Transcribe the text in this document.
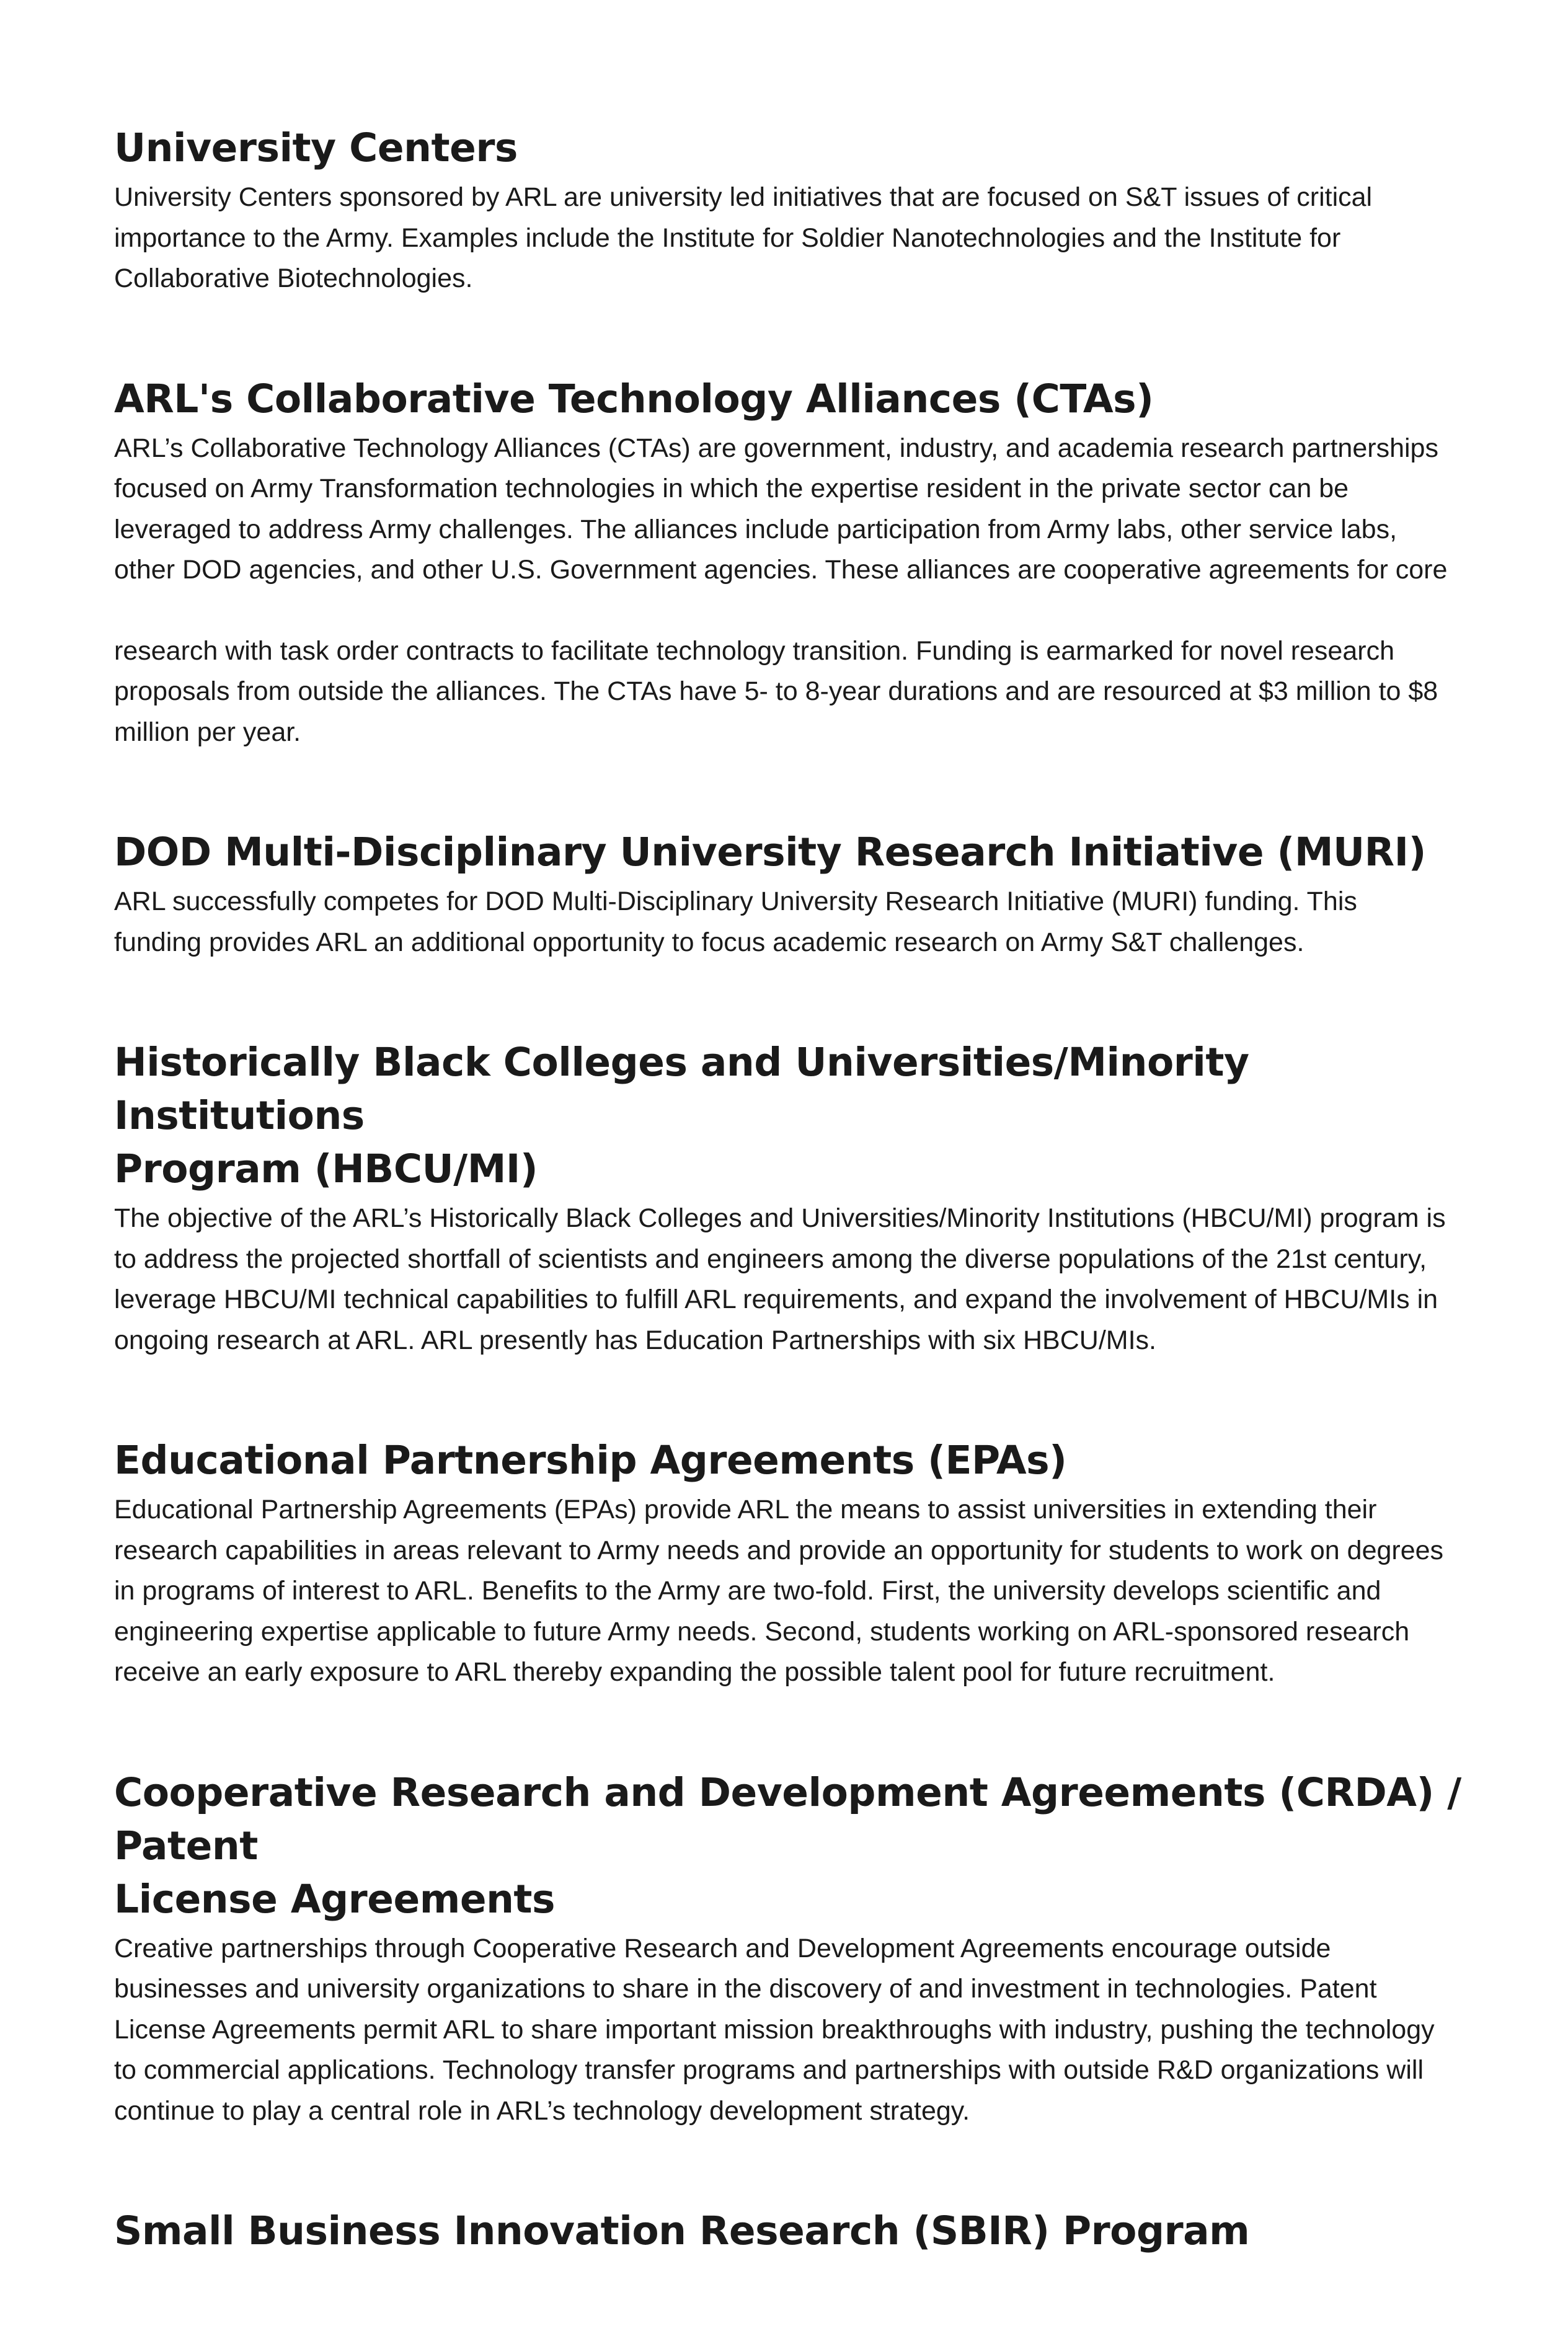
University Centers

University Centers sponsored by ARL are university led initiatives that are focused on S&T issues of critical
importance to the Army. Examples include the Institute for Soldier Nanotechnologies and the Institute for
Collaborative Biotechnologies.

ARL's Collaborative Technology Alliances (CTAs)

ARL’s Collaborative Technology Alliances (CTAs) are government, industry, and academia research partnerships
focused on Army Transformation technologies in which the expertise resident in the private sector can be
leveraged to address Army challenges. The alliances include participation from Army labs, other service labs,
other DOD agencies, and other U.S. Government agencies. These alliances are cooperative agreements for core

research with task order contracts to facilitate technology transition. Funding is earmarked for novel research
proposals from outside the alliances. The CTAs have 5- to 8-year durations and are resourced at $3 million to $8
million per year.

DOD Multi-Disciplinary University Research Initiative (MURI)

ARL successfully competes for DOD Multi-Disciplinary University Research Initiative (MURI) funding. This
funding provides ARL an additional opportunity to focus academic research on Army S&T challenges.

Historically Black Colleges and Universities/Minority Institutions
Program (HBCU/MI)

The objective of the ARL’s Historically Black Colleges and Universities/Minority Institutions (HBCU/MI) program is
to address the projected shortfall of scientists and engineers among the diverse populations of the 21st century,
leverage HBCU/MI technical capabilities to fulfill ARL requirements, and expand the involvement of HBCU/MIs in
ongoing research at ARL. ARL presently has Education Partnerships with six HBCU/MIs.

Educational Partnership Agreements (EPAs)

Educational Partnership Agreements (EPAs) provide ARL the means to assist universities in extending their
research capabilities in areas relevant to Army needs and provide an opportunity for students to work on degrees
in programs of interest to ARL. Benefits to the Army are two-fold. First, the university develops scientific and
engineering expertise applicable to future Army needs. Second, students working on ARL-sponsored research
receive an early exposure to ARL thereby expanding the possible talent pool for future recruitment.

Cooperative Research and Development Agreements (CRDA) / Patent
License Agreements

Creative partnerships through Cooperative Research and Development Agreements encourage outside
businesses and university organizations to share in the discovery of and investment in technologies. Patent
License Agreements permit ARL to share important mission breakthroughs with industry, pushing the technology
to commercial applications. Technology transfer programs and partnerships with outside R&D organizations will
continue to play a central role in ARL’s technology development strategy.

Small Business Innovation Research (SBIR) Program
